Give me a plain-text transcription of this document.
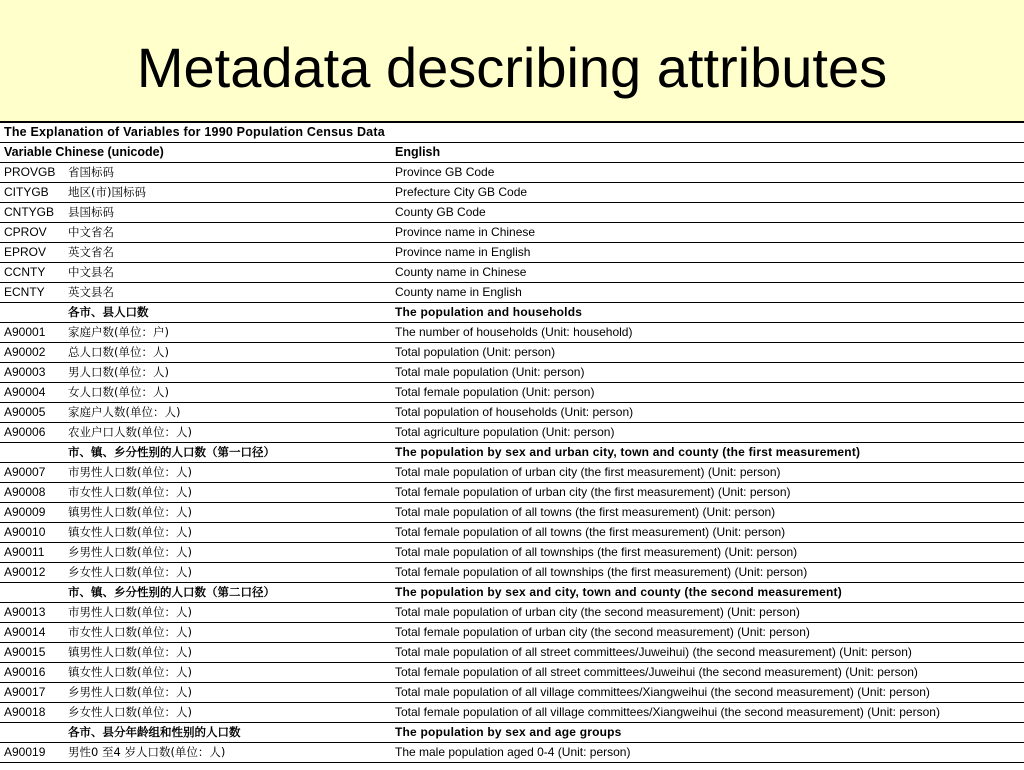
Metadata describing attributes
The Explanation of Variables for 1990 Population Census Data		
Variable Chinese (unicode)		English
PROVGB	省国标码	Province GB Code
CITYGB	地区(市)国标码	Prefecture City GB Code
CNTYGB	县国标码	County GB Code
CPROV	中文省名	Province name in Chinese
EPROV	英文省名	Province name in English
CCNTY	中文县名	County name in Chinese
ECNTY	英文县名	County name in English
	各市、县人口数	The population and households
A90001	家庭户数(单位：户)	The number of households (Unit: household)
A90002	总人口数(单位：人)	Total population (Unit: person)
A90003	男人口数(单位：人)	Total male population (Unit: person)
A90004	女人口数(单位：人)	Total female population (Unit: person)
A90005	家庭户人数(单位：人)	Total population of households (Unit: person)
A90006	农业户口人数(单位：人)	Total agriculture population (Unit: person)
	市、镇、乡分性别的人口数（第一口径）	The population by sex and urban city, town and county (the first measurement)
A90007	市男性人口数(单位：人)	Total male population of urban city (the first measurement) (Unit: person)
A90008	市女性人口数(单位：人)	Total female population of urban city (the first measurement) (Unit: person)
A90009	镇男性人口数(单位：人)	Total male population of all towns (the first measurement) (Unit: person)
A90010	镇女性人口数(单位：人)	Total female population of all towns (the first measurement) (Unit: person)
A90011	乡男性人口数(单位：人)	Total male population of all townships (the first measurement) (Unit: person)
A90012	乡女性人口数(单位：人)	Total female population of all townships (the first measurement) (Unit: person)
	市、镇、乡分性别的人口数（第二口径）	The population by sex and city, town and county (the second measurement)
A90013	市男性人口数(单位：人)	Total male population of urban city (the second measurement) (Unit: person)
A90014	市女性人口数(单位：人)	Total female population of urban city (the second measurement) (Unit: person)
A90015	镇男性人口数(单位：人)	Total male population of all street committees/Juweihui) (the second measurement) (Unit: person)
A90016	镇女性人口数(单位：人)	Total female population of all street committees/Juweihui (the second measurement) (Unit: person)
A90017	乡男性人口数(单位：人)	Total male population of all village committees/Xiangweihui (the second measurement) (Unit: person)
A90018	乡女性人口数(单位：人)	Total female population of all village committees/Xiangweihui (the second measurement) (Unit: person)
	各市、县分年龄组和性别的人口数	The population by sex and age groups
A90019	男性0 至4 岁人口数(单位：人)	The male population aged 0-4 (Unit: person)
